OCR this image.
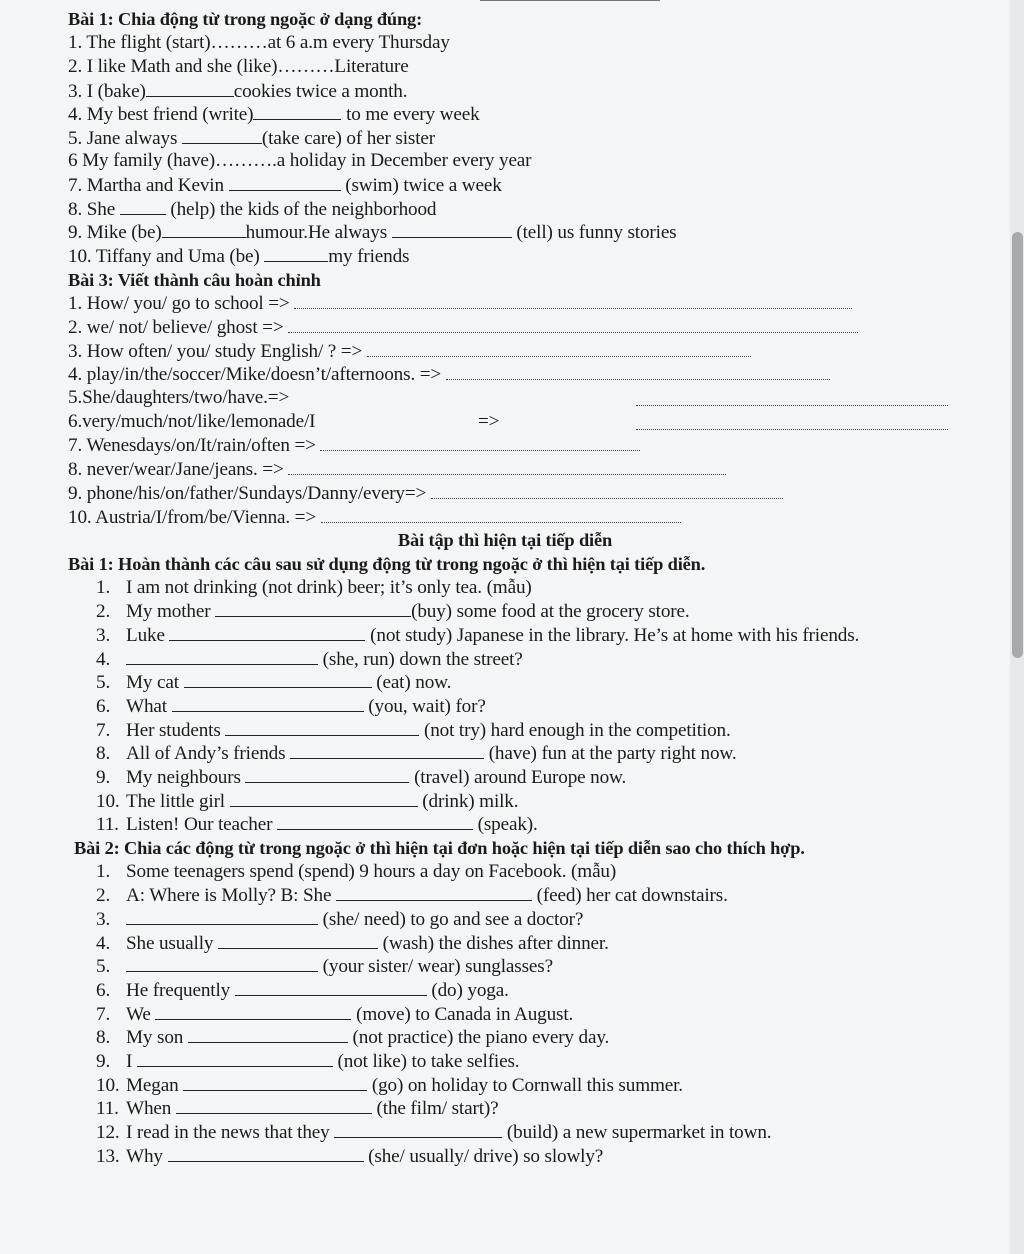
Bài 1: Chia động từ trong ngoặc ở dạng đúng:
1. The flight (start)………at 6 a.m every Thursday
2. I like Math and she (like)………Literature
3. I (bake)	cookies twice a month.
4. My best friend (write)	to me every week
5. Jane always	(take care) of her sister
6 My family (have)……….a holiday in December every year
7. Martha and Kevin	(swim) twice a week
8. She  (help) the kids of the neighborhood
9. Mike (be)	humour.He always	(tell) us funny stories
10. Tiffany and Uma (be)	my friends
Bài 3: Viết thành câu hoàn chỉnh
1. How/ you/ go to school =>
2. we/ not/ believe/ ghost =>
3. How often/ you/ study English/ ? =>
4. play/in/the/soccer/Mike/doesn’t/afternoons. =>
5.She/daughters/two/have.=>
6.very/much/not/like/lemonade/I	=>
7. Wenesdays/on/It/rain/often =>
8. never/wear/Jane/jeans. =>
9. phone/his/on/father/Sundays/Danny/every=>
10. Austria/I/from/be/Vienna. =>
Bài tập thì hiện tại tiếp diễn
Bài 1: Hoàn thành các câu sau sử dụng động từ trong ngoặc ở thì hiện tại tiếp diễn.
1. I am not drinking (not drink) beer; it’s only tea. (mẫu)
2. My mother	(buy) some food at the grocery store.
3. Luke	(not study) Japanese in the library. He’s at home with his friends.
4.	(she, run) down the street?
5. My cat	(eat) now.
6. What	(you, wait) for?
7. Her students	(not try) hard enough in the competition.
8. All of Andy’s friends	(have) fun at the party right now.
9. My neighbours	(travel) around Europe now.
10. The little girl	(drink) milk.
11. Listen! Our teacher	(speak).
Bài 2: Chia các động từ trong ngoặc ở thì hiện tại đơn hoặc hiện tại tiếp diễn sao cho thích hợp.
1. Some teenagers spend (spend) 9 hours a day on Facebook. (mẫu)
2. A: Where is Molly? B: She	(feed) her cat downstairs.
3.	(she/ need) to go and see a doctor?
4. She usually	(wash) the dishes after dinner.
5.	(your sister/ wear) sunglasses?
6. He frequently	(do) yoga.
7. We	(move) to Canada in August.
8. My son	(not practice) the piano every day.
9. I	(not like) to take selfies.
10. Megan	(go) on holiday to Cornwall this summer.
11. When	(the film/ start)?
12. I read in the news that they	(build) a new supermarket in town.
13. Why	(she/ usually/ drive) so slowly?
